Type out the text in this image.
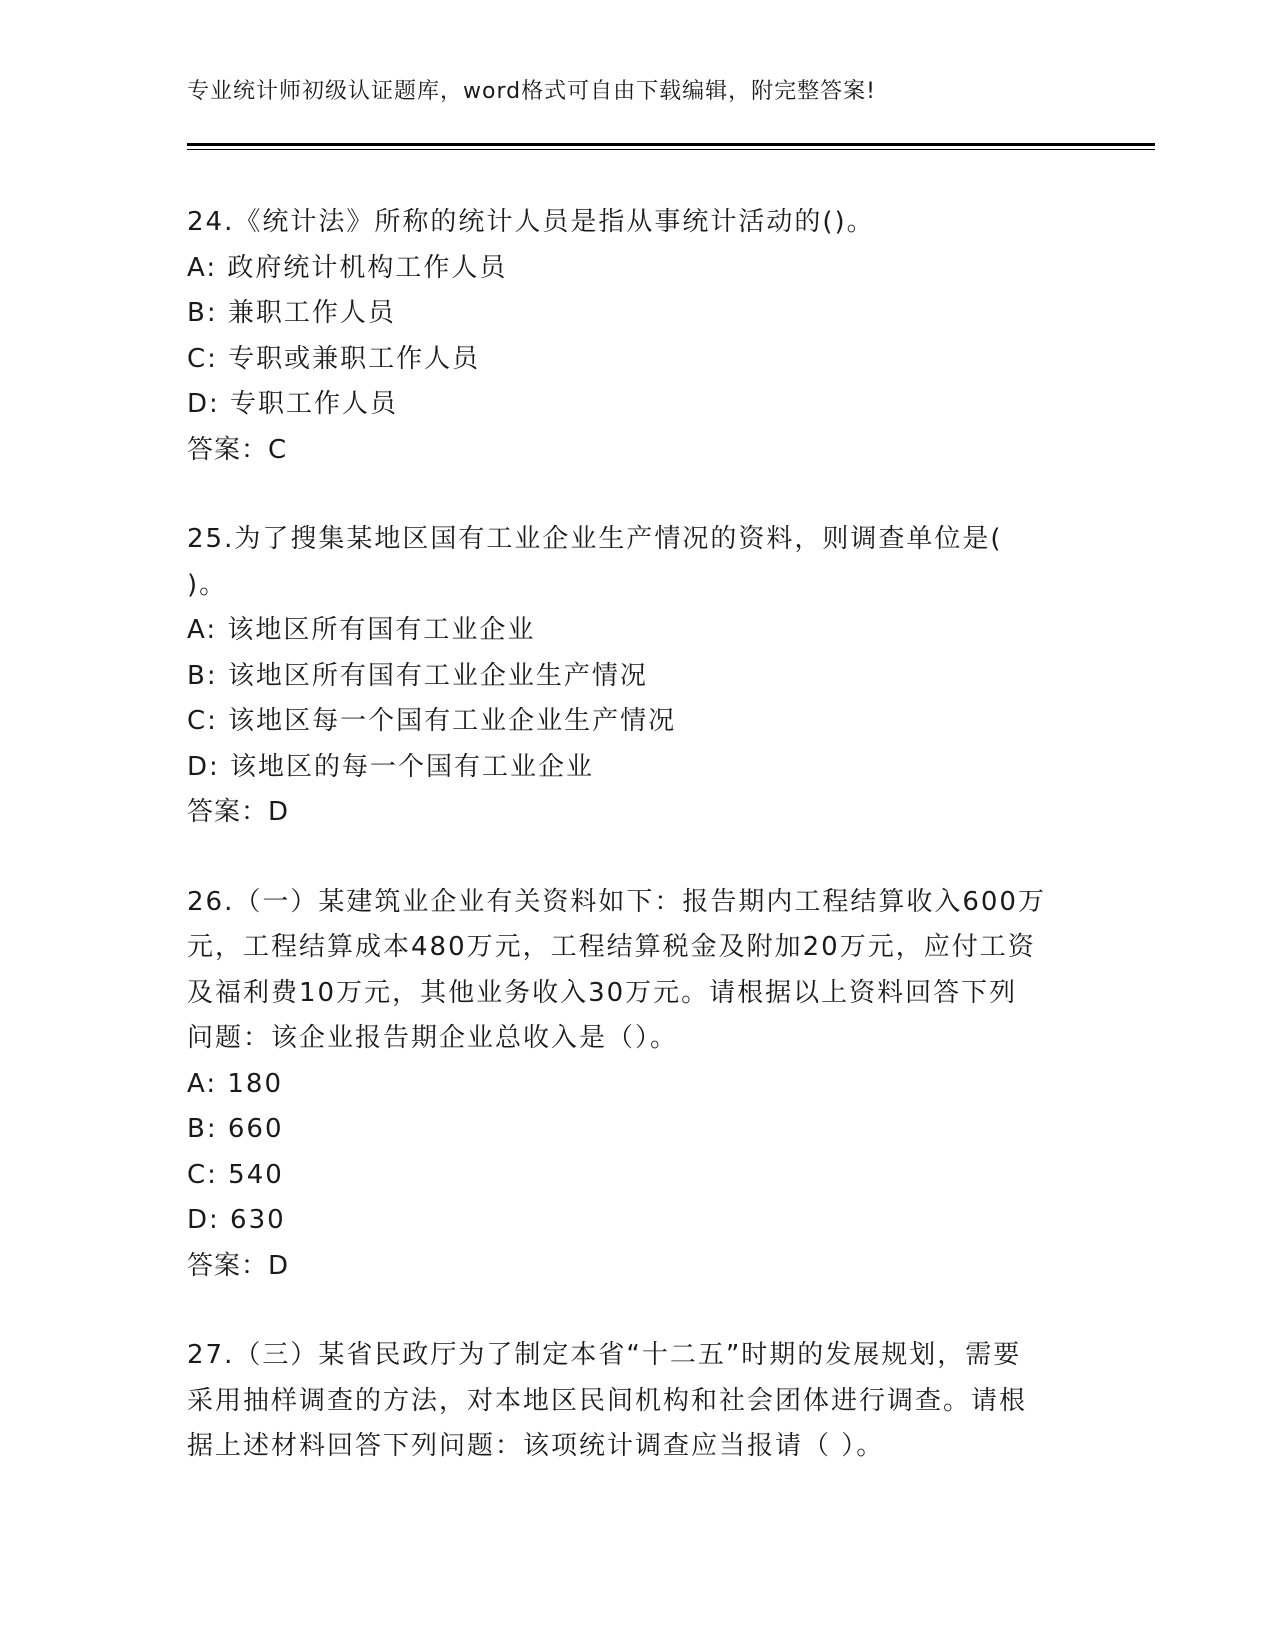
专业统计师初级认证题库，word格式可自由下载编辑，附完整答案!
24.《统计法》所称的统计人员是指从事统计活动的()。
A: 政府统计机构工作人员
B: 兼职工作人员
C: 专职或兼职工作人员
D: 专职工作人员
答案：C
25.为了搜集某地区国有工业企业生产情况的资料，则调查单位是(
)。
A: 该地区所有国有工业企业
B: 该地区所有国有工业企业生产情况
C: 该地区每一个国有工业企业生产情况
D: 该地区的每一个国有工业企业
答案：D
26.（一）某建筑业企业有关资料如下：报告期内工程结算收入600万
元，工程结算成本480万元，工程结算税金及附加20万元，应付工资
及福利费10万元，其他业务收入30万元。请根据以上资料回答下列
问题：该企业报告期企业总收入是（）。
A: 180
B: 660
C: 540
D: 630
答案：D
27.（三）某省民政厅为了制定本省“十二五”时期的发展规划，需要
采用抽样调查的方法，对本地区民间机构和社会团体进行调查。请根
据上述材料回答下列问题：该项统计调查应当报请（ ）。
